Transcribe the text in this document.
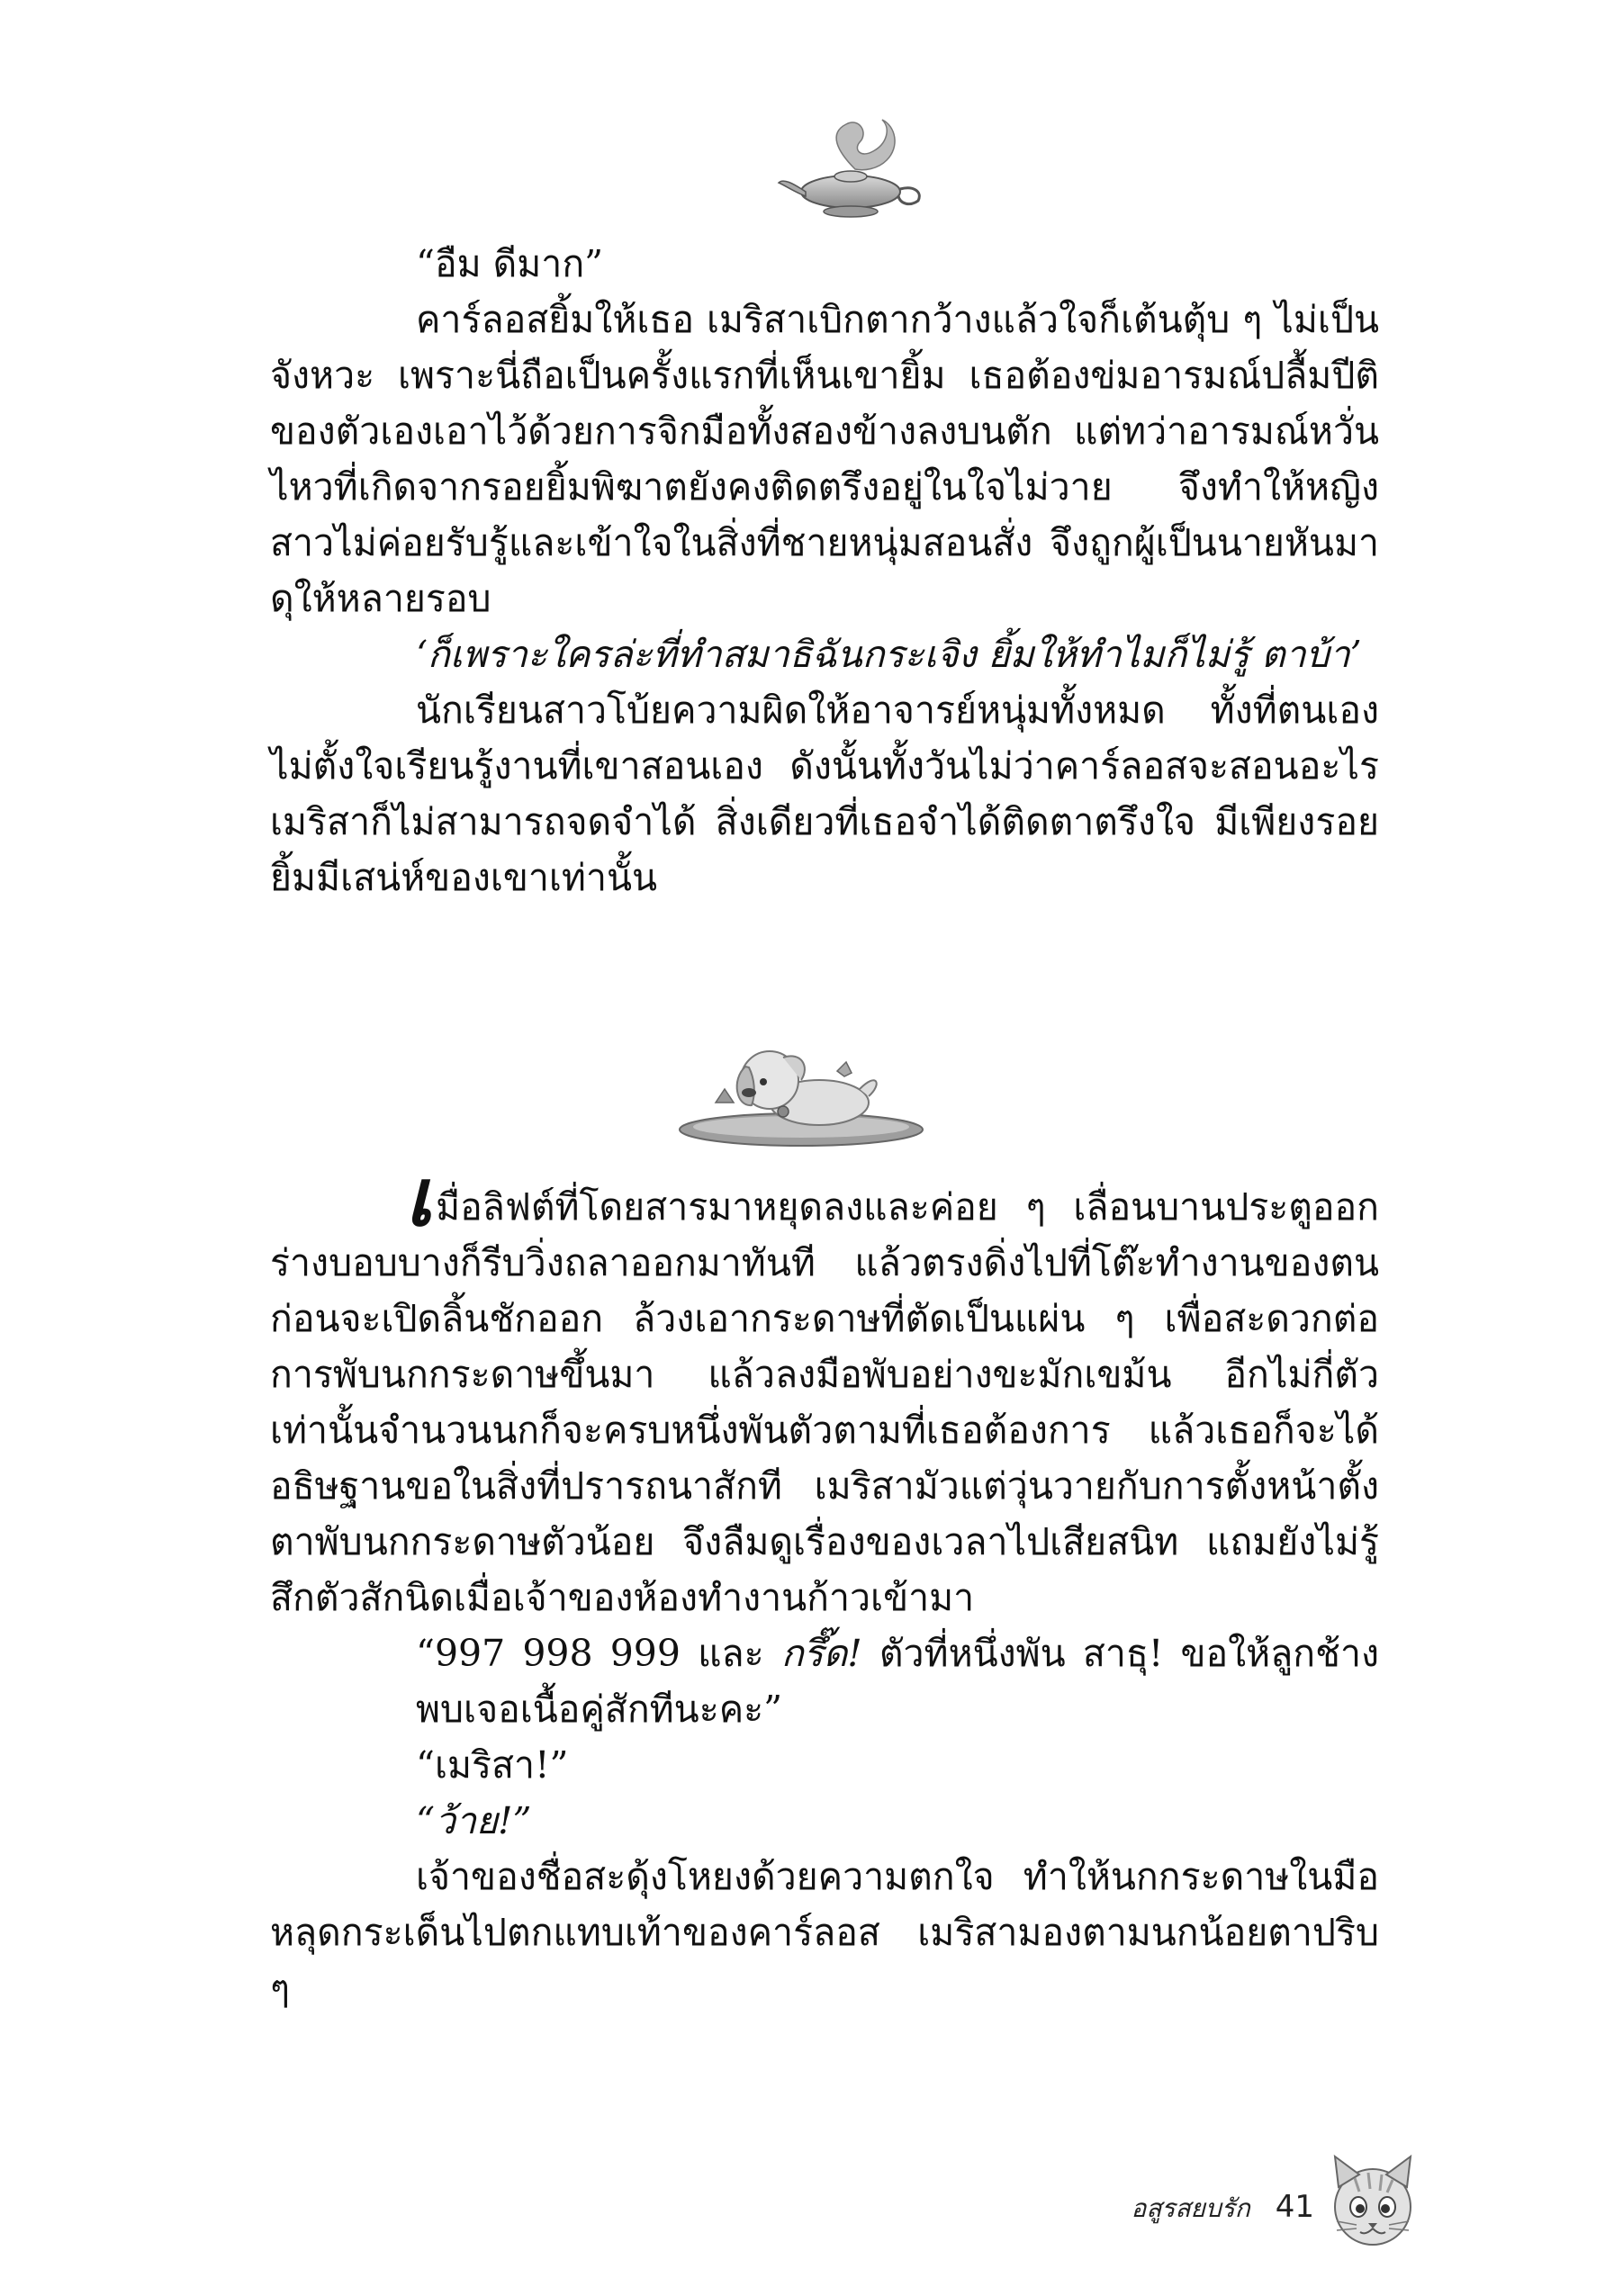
“อืม ดีมาก”

คาร์ลอสยิ้มให้เธอ เมริสาเบิกตากว้างแล้วใจก็เต้นตุ้บ ๆ ไม่เป็นจังหวะ เพราะนี่ถือเป็นครั้งแรกที่เห็นเขายิ้ม เธอต้องข่มอารมณ์ปลื้มปีติของตัวเองเอาไว้ด้วยการจิกมือทั้งสองข้างลงบนตัก แต่ทว่าอารมณ์หวั่นไหวที่เกิดจากรอยยิ้มพิฆาตยังคงติดตรึงอยู่ในใจไม่วาย จึงทำให้หญิงสาวไม่ค่อยรับรู้และเข้าใจในสิ่งที่ชายหนุ่มสอนสั่ง จึงถูกผู้เป็นนายหันมาดุให้หลายรอบ

‘ก็เพราะใครล่ะที่ทำสมาธิฉันกระเจิง ยิ้มให้ทำไมก็ไม่รู้ ตาบ้า’

นักเรียนสาวโบ้ยความผิดให้อาจารย์หนุ่มทั้งหมด ทั้งที่ตนเองไม่ตั้งใจเรียนรู้งานที่เขาสอนเอง ดังนั้นทั้งวันไม่ว่าคาร์ลอสจะสอนอะไรเมริสาก็ไม่สามารถจดจำได้ สิ่งเดียวที่เธอจำได้ติดตาตรึงใจ มีเพียงรอยยิ้มมีเสน่ห์ของเขาเท่านั้น

เมื่อลิฟต์ที่โดยสารมาหยุดลงและค่อย ๆ เลื่อนบานประตูออก ร่างบอบบางก็รีบวิ่งถลาออกมาทันที แล้วตรงดิ่งไปที่โต๊ะทำงานของตน ก่อนจะเปิดลิ้นชักออก ล้วงเอากระดาษที่ตัดเป็นแผ่น ๆ เพื่อสะดวกต่อการพับนกกระดาษขึ้นมา แล้วลงมือพับอย่างขะมักเขม้น อีกไม่กี่ตัวเท่านั้นจำนวนนกก็จะครบหนึ่งพันตัวตามที่เธอต้องการ แล้วเธอก็จะได้อธิษฐานขอในสิ่งที่ปรารถนาสักที เมริสามัวแต่วุ่นวายกับการตั้งหน้าตั้งตาพับนกกระดาษตัวน้อย จึงลืมดูเรื่องของเวลาไปเสียสนิท แถมยังไม่รู้สึกตัวสักนิดเมื่อเจ้าของห้องทำงานก้าวเข้ามา

“997 998 999 และ กรึ๊ด! ตัวที่หนึ่งพัน สาธุ! ขอให้ลูกช้างพบเจอเนื้อคู่สักทีนะคะ”

“เมริสา!”

“ว้าย!”

เจ้าของชื่อสะดุ้งโหยงด้วยความตกใจ ทำให้นกกระดาษในมือหลุดกระเด็นไปตกแทบเท้าของคาร์ลอส เมริสามองตามนกน้อยตาปริบ ๆ

อสูรสยบรัก 41
